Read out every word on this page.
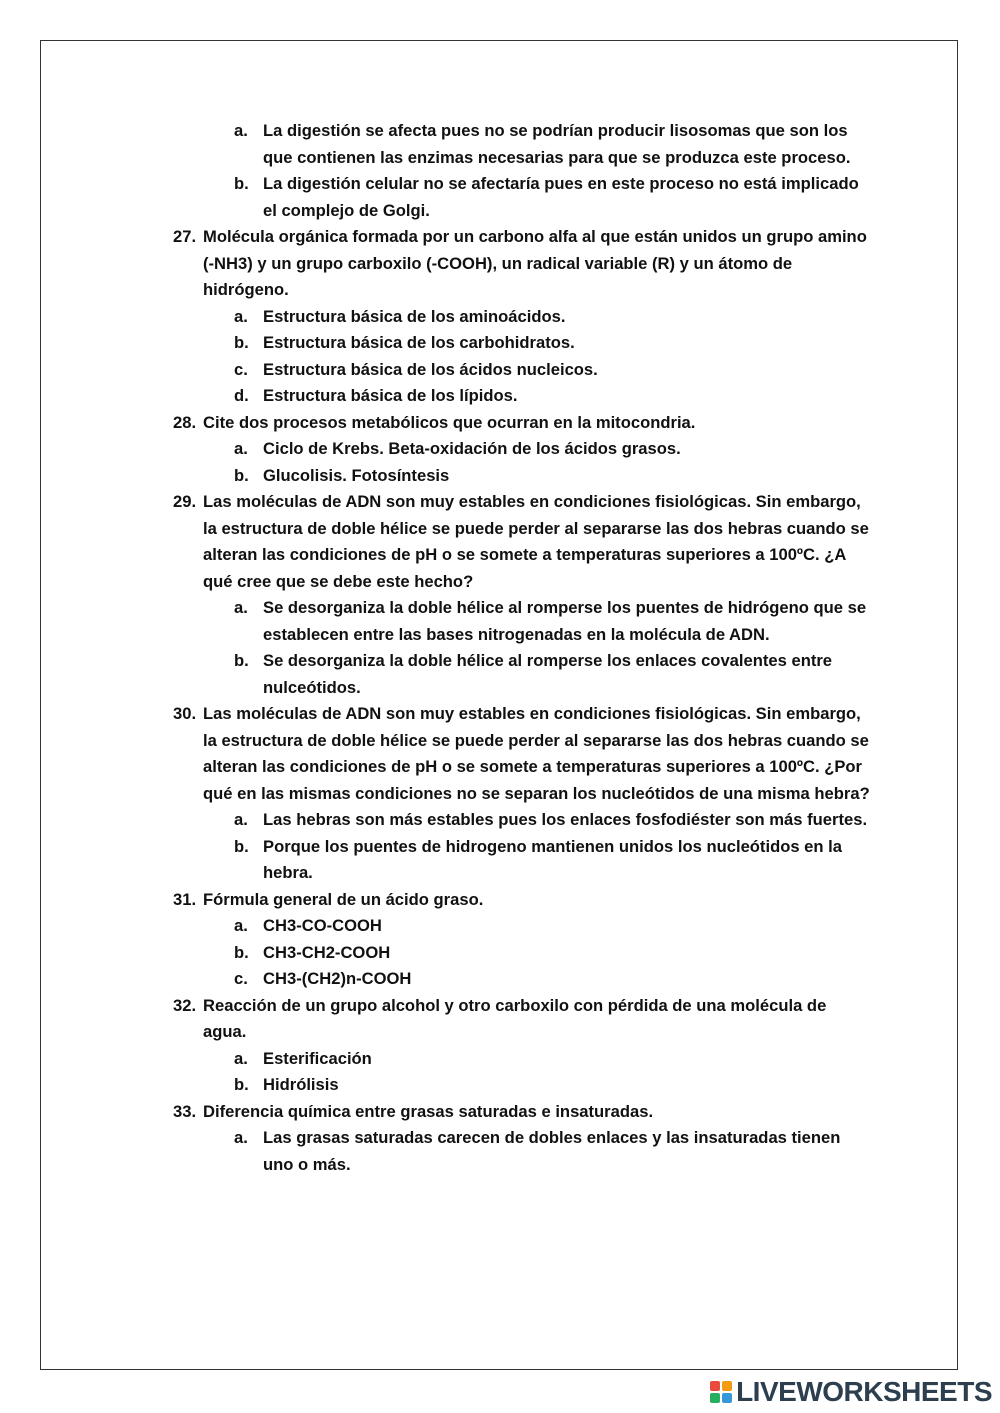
a. La digestión se afecta pues no se podrían producir lisosomas que son los que contienen las enzimas necesarias para que se produzca este proceso.
b. La digestión celular no se afectaría pues en este proceso no está implicado el complejo de Golgi.
27. Molécula orgánica formada por un carbono alfa al que están unidos un grupo amino
(-NH3) y un grupo carboxilo (-COOH), un radical variable (R) y un átomo de hidrógeno.
a. Estructura básica de los aminoácidos.
b. Estructura básica de los carbohidratos.
c. Estructura básica de los ácidos nucleicos.
d. Estructura básica de los lípidos.
28. Cite dos procesos metabólicos que ocurran en la mitocondria.
a. Ciclo de Krebs. Beta-oxidación de los ácidos grasos.
b. Glucolisis. Fotosíntesis
29. Las moléculas de ADN son muy estables en condiciones fisiológicas. Sin embargo, la estructura de doble hélice se puede perder al separarse las dos hebras cuando se alteran las condiciones de pH o se somete a temperaturas superiores a 100ºC. ¿A qué cree que se debe este hecho?
a. Se desorganiza la doble hélice al romperse los puentes de hidrógeno que se establecen entre las bases nitrogenadas en la molécula de ADN.
b. Se desorganiza la doble hélice al romperse los enlaces covalentes entre nulceótidos.
30. Las moléculas de ADN son muy estables en condiciones fisiológicas. Sin embargo, la estructura de doble hélice se puede perder al separarse las dos hebras cuando se alteran las condiciones de pH o se somete a temperaturas superiores a 100ºC. ¿Por qué en las mismas condiciones no se separan los nucleótidos de una misma hebra?
a. Las hebras son más estables pues los enlaces fosfodiéster son más fuertes.
b. Porque los puentes de hidrogeno mantienen unidos los nucleótidos en la hebra.
31. Fórmula general de un ácido graso.
a. CH3-CO-COOH
b. CH3-CH2-COOH
c. CH3-(CH2)n-COOH
32. Reacción de un grupo alcohol y otro carboxilo con pérdida de una molécula de agua.
a. Esterificación
b. Hidrólisis
33. Diferencia química entre grasas saturadas e insaturadas.
a. Las grasas saturadas carecen de dobles enlaces y las insaturadas tienen uno o más.
LIVEWORKSHEETS
